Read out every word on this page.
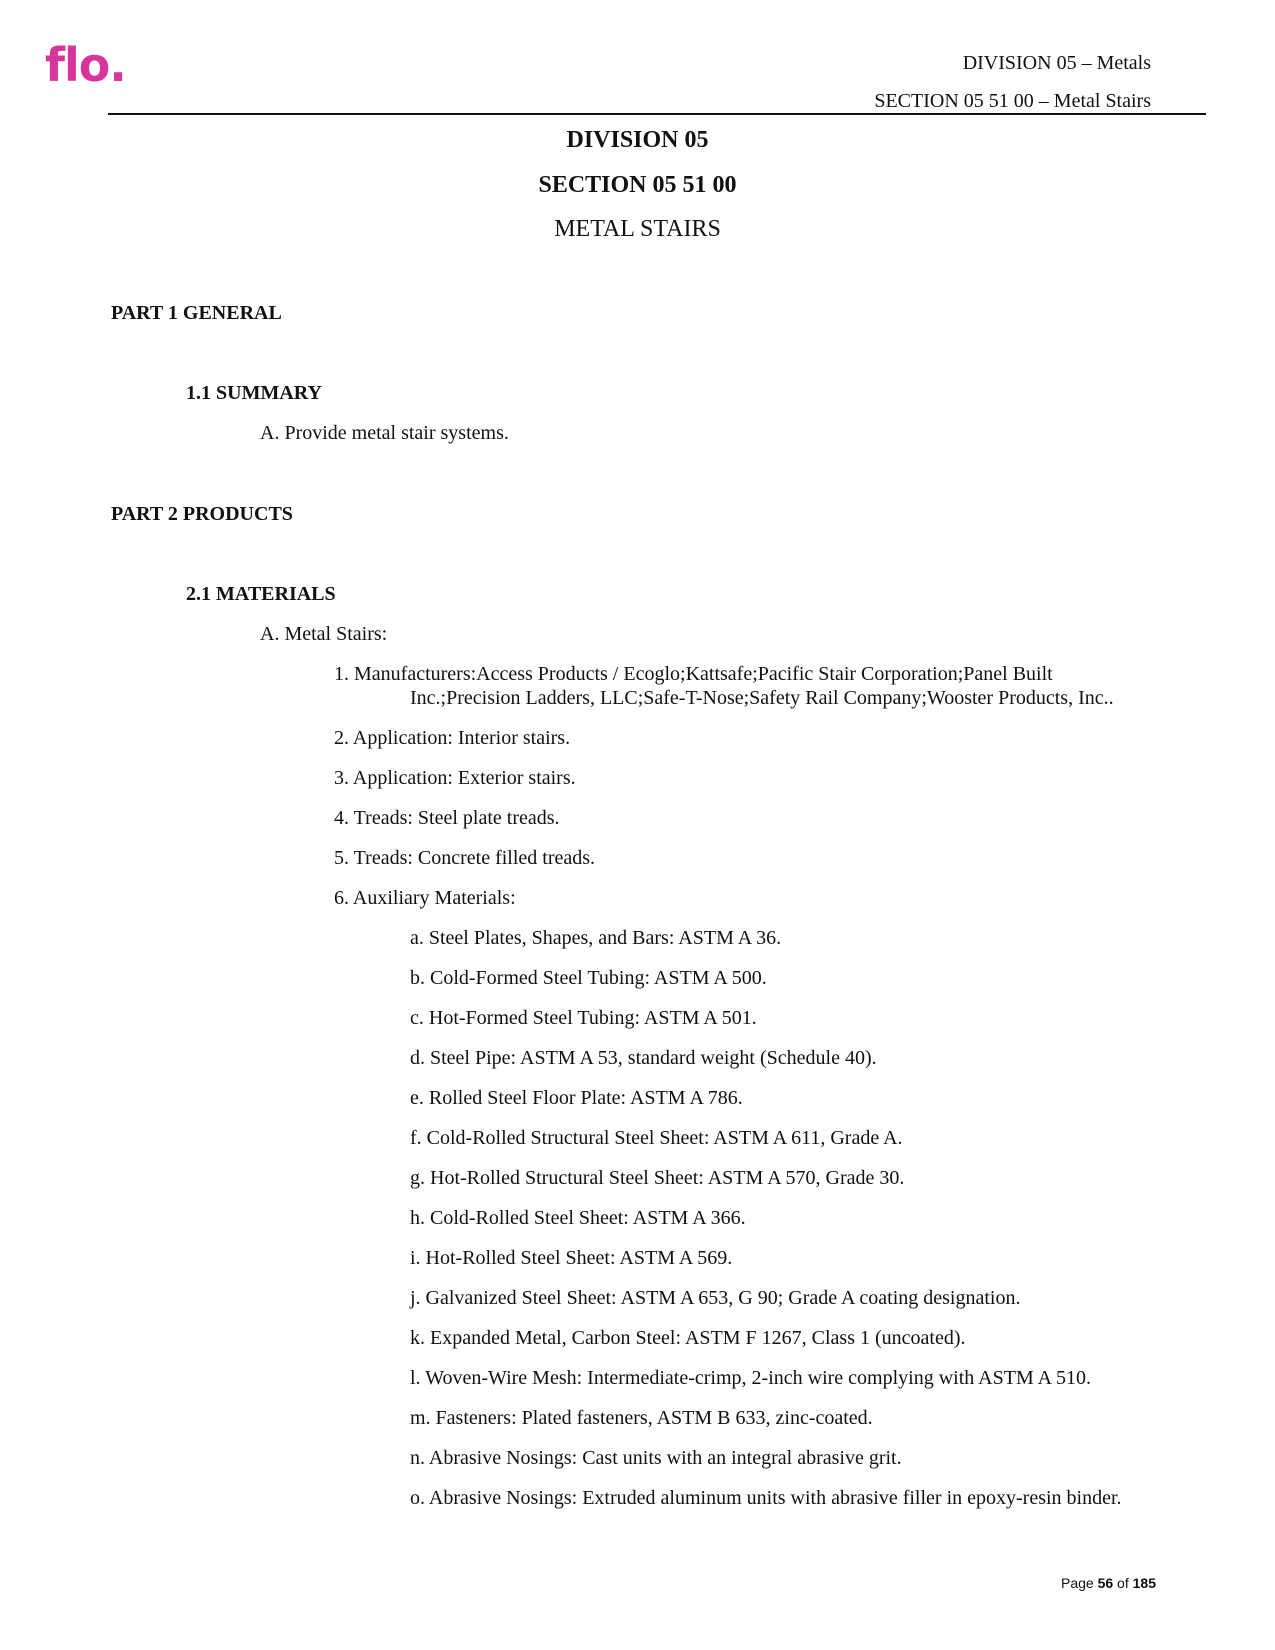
flo.	DIVISION 05 – Metals
SECTION 05 51 00 – Metal Stairs
DIVISION 05
SECTION 05 51 00
METAL STAIRS
PART 1 GENERAL
1.1 SUMMARY
A. Provide metal stair systems.
PART 2 PRODUCTS
2.1 MATERIALS
A. Metal Stairs:
1. Manufacturers:Access Products / Ecoglo;Kattsafe;Pacific Stair Corporation;Panel Built
Inc.;Precision Ladders, LLC;Safe-T-Nose;Safety Rail Company;Wooster Products, Inc..
2. Application: Interior stairs.
3. Application: Exterior stairs.
4. Treads: Steel plate treads.
5. Treads: Concrete filled treads.
6. Auxiliary Materials:
a. Steel Plates, Shapes, and Bars: ASTM A 36.
b. Cold-Formed Steel Tubing: ASTM A 500.
c. Hot-Formed Steel Tubing: ASTM A 501.
d. Steel Pipe: ASTM A 53, standard weight (Schedule 40).
e. Rolled Steel Floor Plate: ASTM A 786.
f. Cold-Rolled Structural Steel Sheet: ASTM A 611, Grade A.
g. Hot-Rolled Structural Steel Sheet: ASTM A 570, Grade 30.
h. Cold-Rolled Steel Sheet: ASTM A 366.
i. Hot-Rolled Steel Sheet: ASTM A 569.
j. Galvanized Steel Sheet: ASTM A 653, G 90; Grade A coating designation.
k. Expanded Metal, Carbon Steel: ASTM F 1267, Class 1 (uncoated).
l. Woven-Wire Mesh: Intermediate-crimp, 2-inch wire complying with ASTM A 510.
m. Fasteners: Plated fasteners, ASTM B 633, zinc-coated.
n. Abrasive Nosings: Cast units with an integral abrasive grit.
o. Abrasive Nosings: Extruded aluminum units with abrasive filler in epoxy-resin binder.
Page 56 of 185
